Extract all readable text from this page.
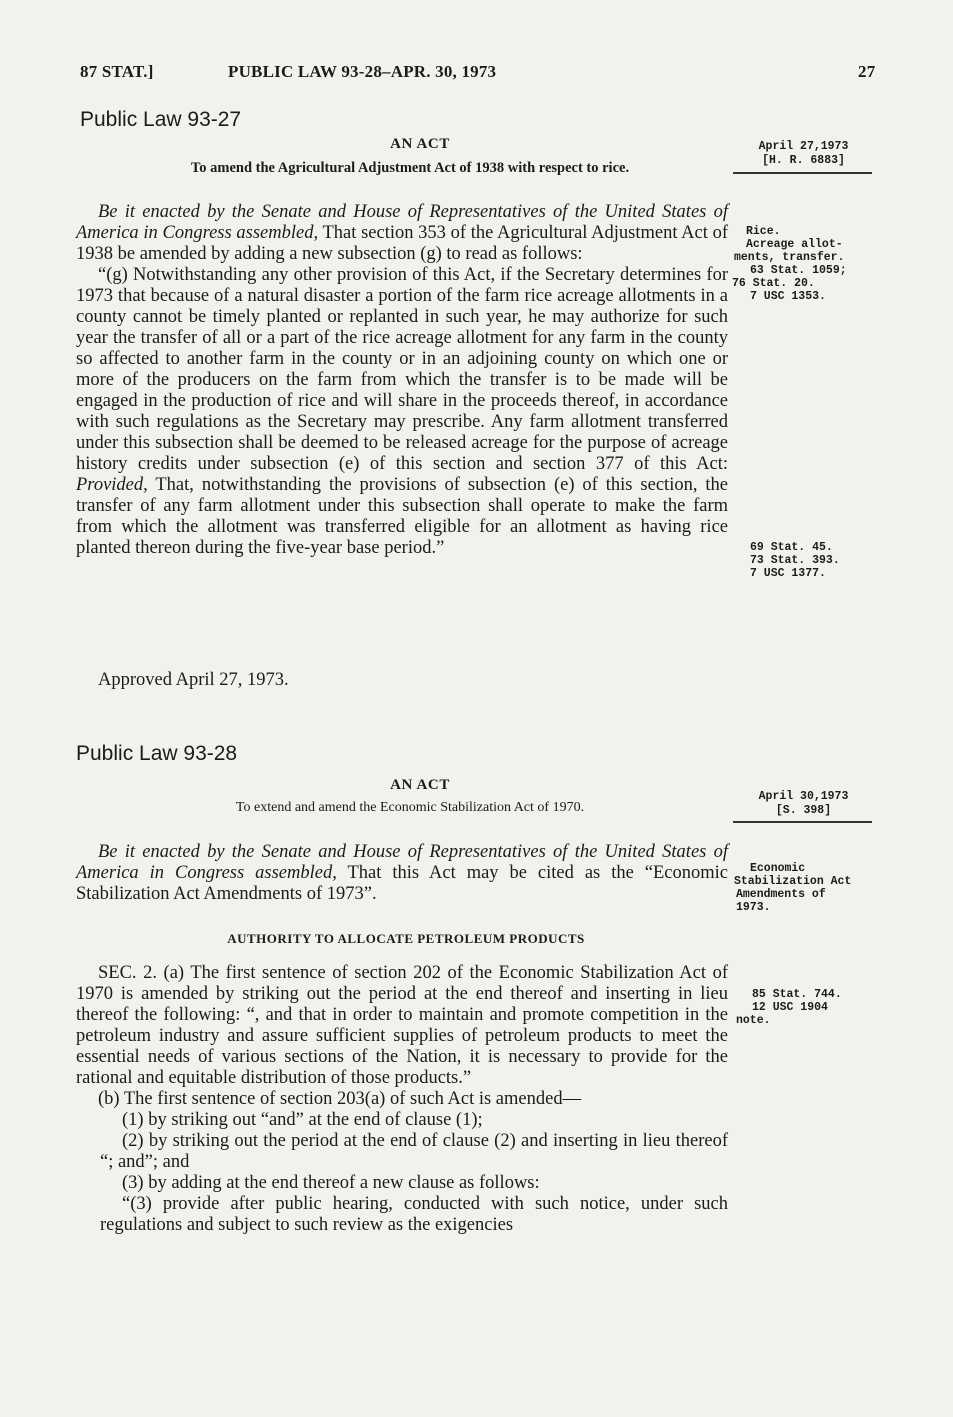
87 STAT.]	PUBLIC LAW 93-28–APR. 30, 1973	27
Public Law 93-27
AN ACT
To amend the Agricultural Adjustment Act of 1938 with respect to rice.
April 27,1973
[H. R. 6883]

Be it enacted by the Senate and House of Representatives of the United States of America in Congress assembled, That section 353 of the Agricultural Adjustment Act of 1938 be amended by adding a new subsection (g) to read as follows:

“(g) Notwithstanding any other provision of this Act, if the Secretary determines for 1973 that because of a natural disaster a portion of the farm rice acreage allotments in a county cannot be timely planted or replanted in such year, he may authorize for such year the transfer of all or a part of the rice acreage allotment for any farm in the county so affected to another farm in the county or in an adjoining county on which one or more of the producers on the farm from which the transfer is to be made will be engaged in the production of rice and will share in the proceeds thereof, in accordance with such regulations as the Secretary may prescribe. Any farm allotment transferred under this subsection shall be deemed to be released acreage for the purpose of acreage history credits under subsection (e) of this section and section 377 of this Act: Provided, That, notwithstanding the provisions of subsection (e) of this section, the transfer of any farm allotment under this subsection shall operate to make the farm from which the allotment was transferred eligible for an allotment as having rice planted thereon during the five-year base period.”

Approved April 27, 1973.
Rice.
Acreage allot-
ments, transfer.
63 Stat. 1059;
76 Stat. 20.
7 USC 1353.
69 Stat. 45.
73 Stat. 393.
7 USC 1377.
Public Law 93-28
AN ACT
To extend and amend the Economic Stabilization Act of 1970.
April 30,1973
[S. 398]

Be it enacted by the Senate and House of Representatives of the United States of America in Congress assembled, That this Act may be cited as the “Economic Stabilization Act Amendments of 1973”.

Economic
Stabilization Act
Amendments of
1973.
AUTHORITY TO ALLOCATE PETROLEUM PRODUCTS

SEC. 2. (a) The first sentence of section 202 of the Economic Stabilization Act of 1970 is amended by striking out the period at the end thereof and inserting in lieu thereof the following: “, and that in order to maintain and promote competition in the petroleum industry and assure sufficient supplies of petroleum products to meet the essential needs of various sections of the Nation, it is necessary to provide for the rational and equitable distribution of those products.”

(b) The first sentence of section 203(a) of such Act is amended—

(1) by striking out “and” at the end of clause (1);

(2) by striking out the period at the end of clause (2) and inserting in lieu thereof “; and”; and

(3) by adding at the end thereof a new clause as follows:

“(3) provide after public hearing, conducted with such notice, under such regulations and subject to such review as the exigencies

85 Stat. 744.
12 USC 1904
note.
